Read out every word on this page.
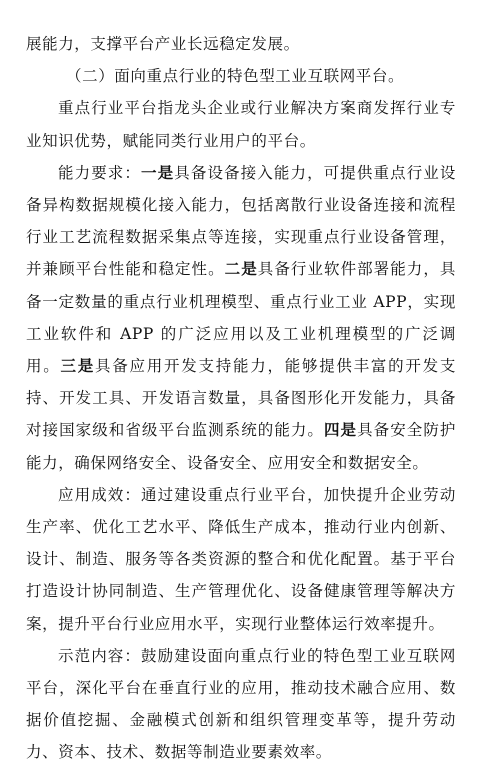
展能力，支撑平台产业长远稳定发展。

（二）面向重点行业的特色型工业互联网平台。

重点行业平台指龙头企业或行业解决方案商发挥行业专业知识优势，赋能同类行业用户的平台。

能力要求：一是具备设备接入能力，可提供重点行业设备异构数据规模化接入能力，包括离散行业设备连接和流程行业工艺流程数据采集点等连接，实现重点行业设备管理，并兼顾平台性能和稳定性。二是具备行业软件部署能力，具备一定数量的重点行业机理模型、重点行业工业 APP，实现工业软件和 APP 的广泛应用以及工业机理模型的广泛调用。三是具备应用开发支持能力，能够提供丰富的开发支持、开发工具、开发语言数量，具备图形化开发能力，具备对接国家级和省级平台监测系统的能力。四是具备安全防护能力，确保网络安全、设备安全、应用安全和数据安全。

应用成效：通过建设重点行业平台，加快提升企业劳动生产率、优化工艺水平、降低生产成本，推动行业内创新、设计、制造、服务等各类资源的整合和优化配置。基于平台打造设计协同制造、生产管理优化、设备健康管理等解决方案，提升平台行业应用水平，实现行业整体运行效率提升。

示范内容：鼓励建设面向重点行业的特色型工业互联网平台，深化平台在垂直行业的应用，推动技术融合应用、数据价值挖掘、金融模式创新和组织管理变革等，提升劳动力、资本、技术、数据等制造业要素效率。
